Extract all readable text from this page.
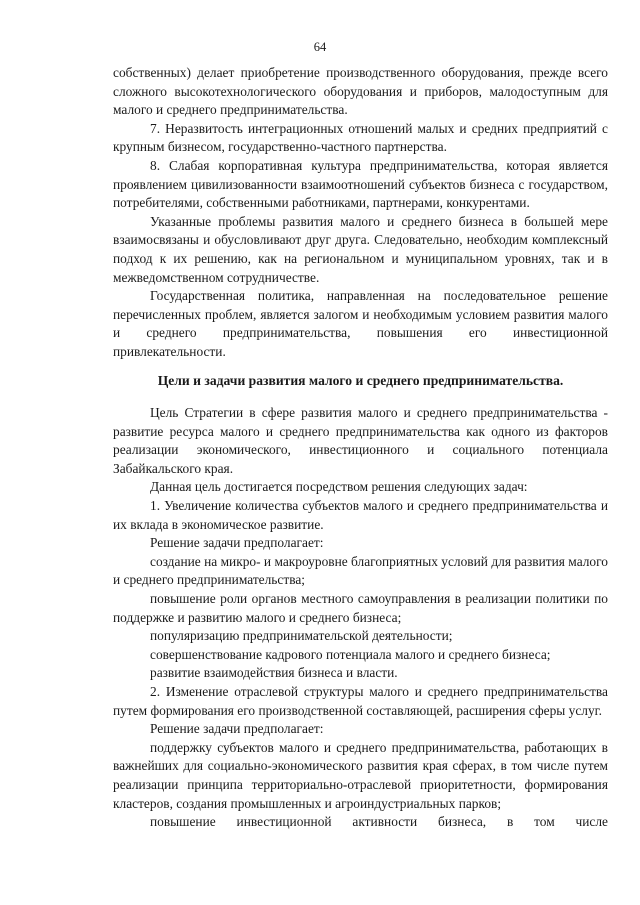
64

собственных) делает приобретение производственного оборудования, прежде всего сложного высокотехнологического оборудования и приборов, малодоступным для малого и среднего предпринимательства.

7. Неразвитость интеграционных отношений малых и средних предприятий с крупным бизнесом, государственно-частного партнерства.

8. Слабая корпоративная культура предпринимательства, которая является проявлением цивилизованности взаимоотношений субъектов бизнеса с государством, потребителями, собственными работниками, партнерами, конкурентами.

Указанные проблемы развития малого и среднего бизнеса в большей мере взаимосвязаны и обусловливают друг друга. Следовательно, необходим комплексный подход к их решению, как на региональном и муниципальном уровнях, так и в межведомственном сотрудничестве.

Государственная политика, направленная на последовательное решение перечисленных проблем, является залогом и необходимым условием развития малого и среднего предпринимательства, повышения его инвестиционной привлекательности.

Цели и задачи развития малого и среднего предпринимательства.

Цель Стратегии в сфере развития малого и среднего предпринимательства - развитие ресурса малого и среднего предпринимательства как одного из факторов реализации экономического, инвестиционного и социального потенциала Забайкальского края.

Данная цель достигается посредством решения следующих задач:

1. Увеличение количества субъектов малого и среднего предпринимательства и их вклада в экономическое развитие.

Решение задачи предполагает:

создание на микро- и макроуровне благоприятных условий для развития малого и среднего предпринимательства;

повышение роли органов местного самоуправления в реализации политики по поддержке и развитию малого и среднего бизнеса;

популяризацию предпринимательской деятельности;

совершенствование кадрового потенциала малого и среднего бизнеса;

развитие взаимодействия бизнеса и власти.

2. Изменение отраслевой структуры малого и среднего предпринимательства путем формирования его производственной составляющей, расширения сферы услуг.

Решение задачи предполагает:

поддержку субъектов малого и среднего предпринимательства, работающих в важнейших для социально-экономического развития края сферах, в том числе путем реализации принципа территориально-отраслевой приоритетности, формирования кластеров, создания промышленных и агроиндустриальных парков;

повышение инвестиционной активности бизнеса, в том числе
